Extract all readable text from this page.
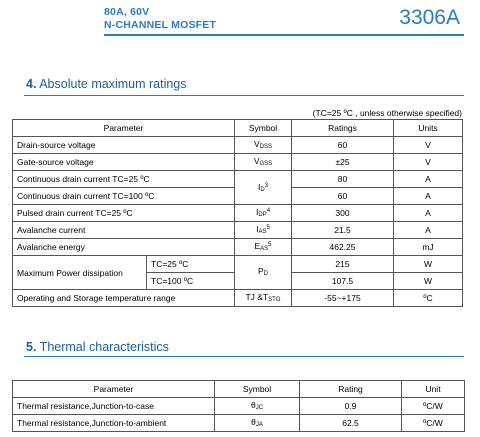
80A, 60V
N-CHANNEL MOSFET	3306A
4. Absolute maximum ratings
(TC=25 ºC , unless otherwise specified)
Parameter		Symbol	Ratings	Units
Drain-source voltage		VDSS	60	V
Gate-source voltage		VGSS	±25	V
Continuous drain current TC=25 ºC		$ID^3$	80	A
Continuous drain current TC=100 ºC			60	A
Pulsed drain current TC=25 ºC		IDP$^4$	300	A
Avalanche current		IAS$^5$	21.5	A
Avalanche energy		EAS$^5$	462.25	mJ
Maximum Power dissipation	TC=25 ºC	PD	215	W
	TC=100 ºC		107.5	W
Operating and Storage temperature range		TJ &TSTG	-55~+175	ºC
5. Thermal characteristics
Parameter	Symbol	Rating	Unit
Thermal resistance,Junction-to-case	θJC	0.9	ºC/W
Thermal resistance,Junction-to-ambient	θJA	62.5	ºC/W
